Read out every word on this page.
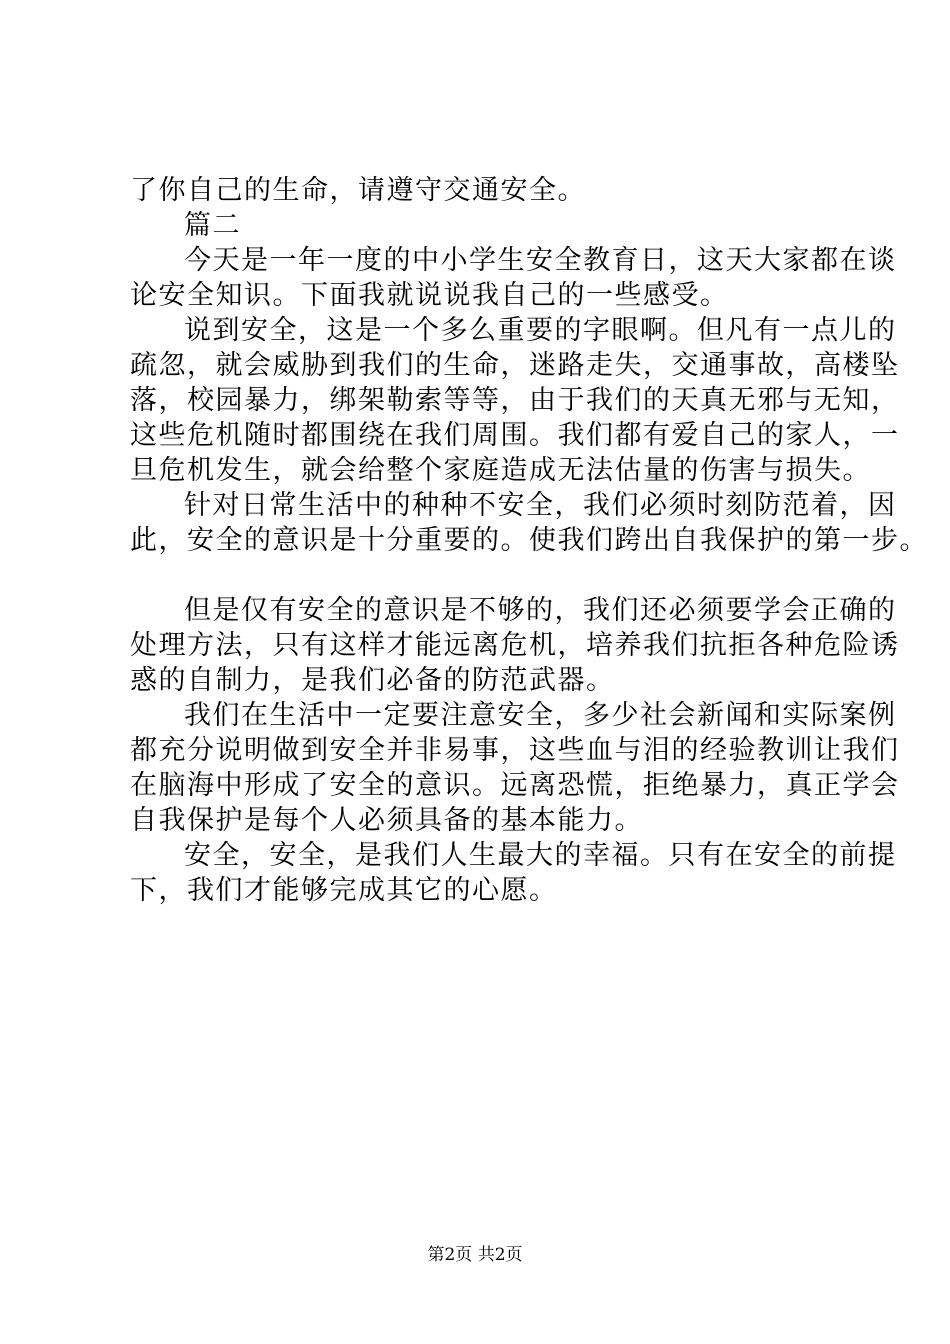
了你自己的生命，请遵守交通安全。
篇二
今天是一年一度的中小学生安全教育日，这天大家都在谈
论安全知识。下面我就说说我自己的一些感受。
说到安全，这是一个多么重要的字眼啊。但凡有一点儿的
疏忽，就会威胁到我们的生命，迷路走失，交通事故，高楼坠
落，校园暴力，绑架勒索等等，由于我们的天真无邪与无知，
这些危机随时都围绕在我们周围。我们都有爱自己的家人，一
旦危机发生，就会给整个家庭造成无法估量的伤害与损失。
针对日常生活中的种种不安全，我们必须时刻防范着，因
此，安全的意识是十分重要的。使我们跨出自我保护的第一步。
但是仅有安全的意识是不够的，我们还必须要学会正确的
处理方法，只有这样才能远离危机，培养我们抗拒各种危险诱
惑的自制力，是我们必备的防范武器。
我们在生活中一定要注意安全，多少社会新闻和实际案例
都充分说明做到安全并非易事，这些血与泪的经验教训让我们
在脑海中形成了安全的意识。远离恐慌，拒绝暴力，真正学会
自我保护是每个人必须具备的基本能力。
安全，安全，是我们人生最大的幸福。只有在安全的前提
下，我们才能够完成其它的心愿。
第2页 共2页
